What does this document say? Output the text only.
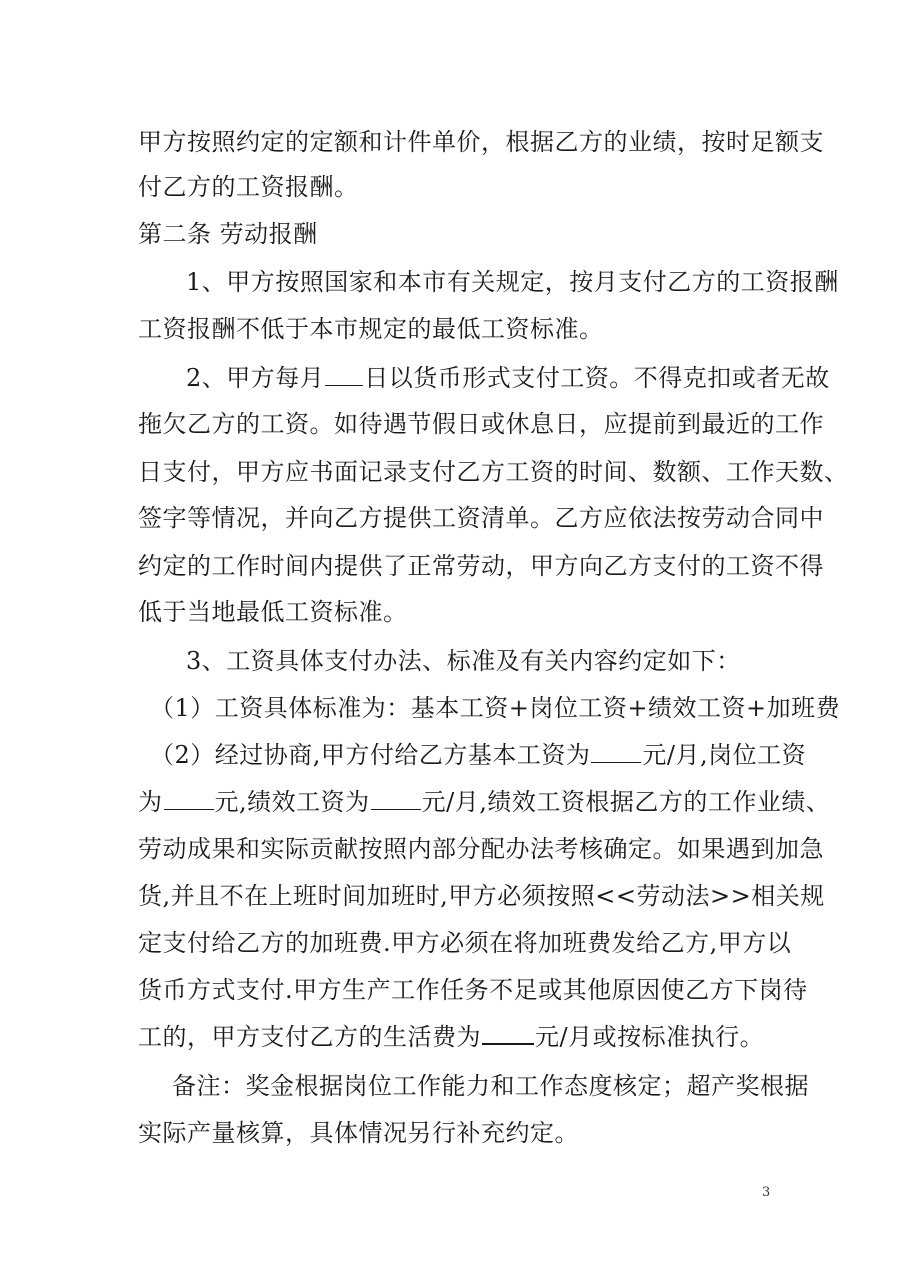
甲方按照约定的定额和计件单价，根据乙方的业绩，按时足额支
付乙方的工资报酬。
第二条 劳动报酬
1、甲方按照国家和本市有关规定，按月支付乙方的工资报酬
工资报酬不低于本市规定的最低工资标准。
2、甲方每月 日以货币形式支付工资。不得克扣或者无故
拖欠乙方的工资。如待遇节假日或休息日，应提前到最近的工作
日支付，甲方应书面记录支付乙方工资的时间、数额、工作天数、
签字等情况，并向乙方提供工资清单。乙方应依法按劳动合同中
约定的工作时间内提供了正常劳动，甲方向乙方支付的工资不得
低于当地最低工资标准。
3、工资具体支付办法、标准及有关内容约定如下：
（1）工资具体标准为：基本工资+岗位工资+绩效工资+加班费
（2）经过协商,甲方付给乙方基本工资为 元/月,岗位工资
为 元,绩效工资为 元/月,绩效工资根据乙方的工作业绩、
劳动成果和实际贡献按照内部分配办法考核确定。如果遇到加急
货,并且不在上班时间加班时,甲方必须按照<<劳动法>>相关规
定支付给乙方的加班费.甲方必须在将加班费发给乙方,甲方以
货币方式支付.甲方生产工作任务不足或其他原因使乙方下岗待
工的，甲方支付乙方的生活费为 元/月或按标准执行。
备注：奖金根据岗位工作能力和工作态度核定；超产奖根据
实际产量核算，具体情况另行补充约定。
3
